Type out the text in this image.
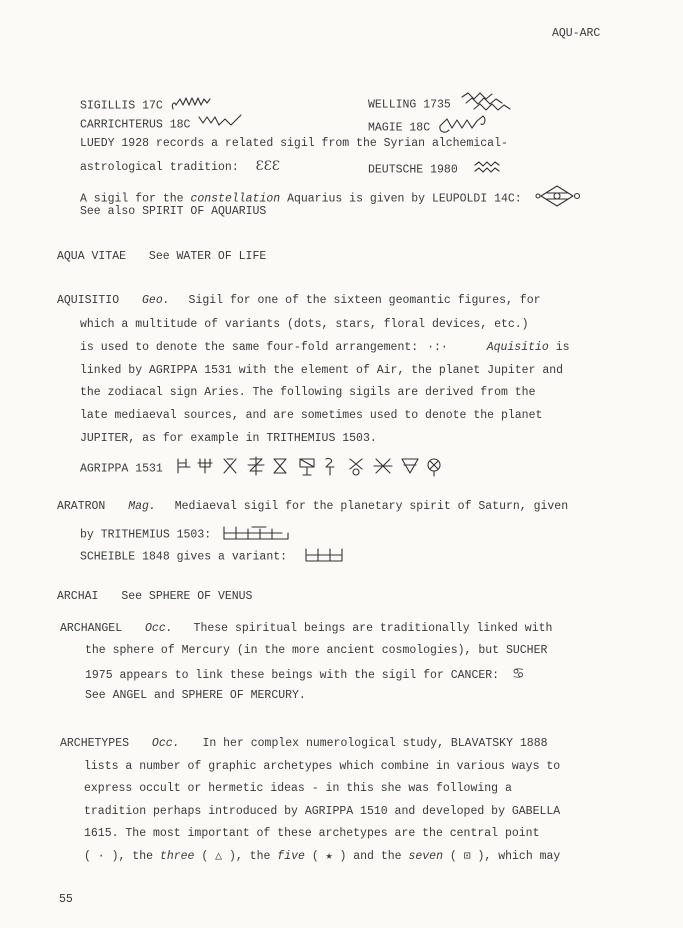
AQU-ARC
SIGILLIS 17C	WELLING 1735
CARRICHTERUS 18C	MAGIE 18C
LUEDY 1928 records a related sigil from the Syrian alchemical-
astrological tradition: ƐƐƐ	DEUTSCHE 1980
A sigil for the constellation Aquarius is given by LEUPOLDI 14C:
See also SPIRIT OF AQUARIUS
AQUA VITAE See WATER OF LIFE
AQUISITIO Geo. Sigil for one of the sixteen geomantic figures, for
which a multitude of variants (dots, stars, floral devices, etc.)
is used to denote the same four-fold arrangement: ·:·	Aquisitio is
linked by AGRIPPA 1531 with the element of Air, the planet Jupiter and
the zodiacal sign Aries. The following sigils are derived from the
late mediaeval sources, and are sometimes used to denote the planet
JUPITER, as for example in TRITHEMIUS 1503.
AGRIPPA 1531
ARATRON Mag. Mediaeval sigil for the planetary spirit of Saturn, given
by TRITHEMIUS 1503:
SCHEIBLE 1848 gives a variant:
ARCHAI See SPHERE OF VENUS
ARCHANGEL Occ. These spiritual beings are traditionally linked with
the sphere of Mercury (in the more ancient cosmologies), but SUCHER
1975 appears to link these beings with the sigil for CANCER: ♋
See ANGEL and SPHERE OF MERCURY.
ARCHETYPES Occ. In her complex numerological study, BLAVATSKY 1888
lists a number of graphic archetypes which combine in various ways to
express occult or hermetic ideas - in this she was following a
tradition perhaps introduced by AGRIPPA 1510 and developed by GABELLA
1615. The most important of these archetypes are the central point
( · ), the three ( △ ), the five ( ★ ) and the seven ( ⊡ ), which may
55
